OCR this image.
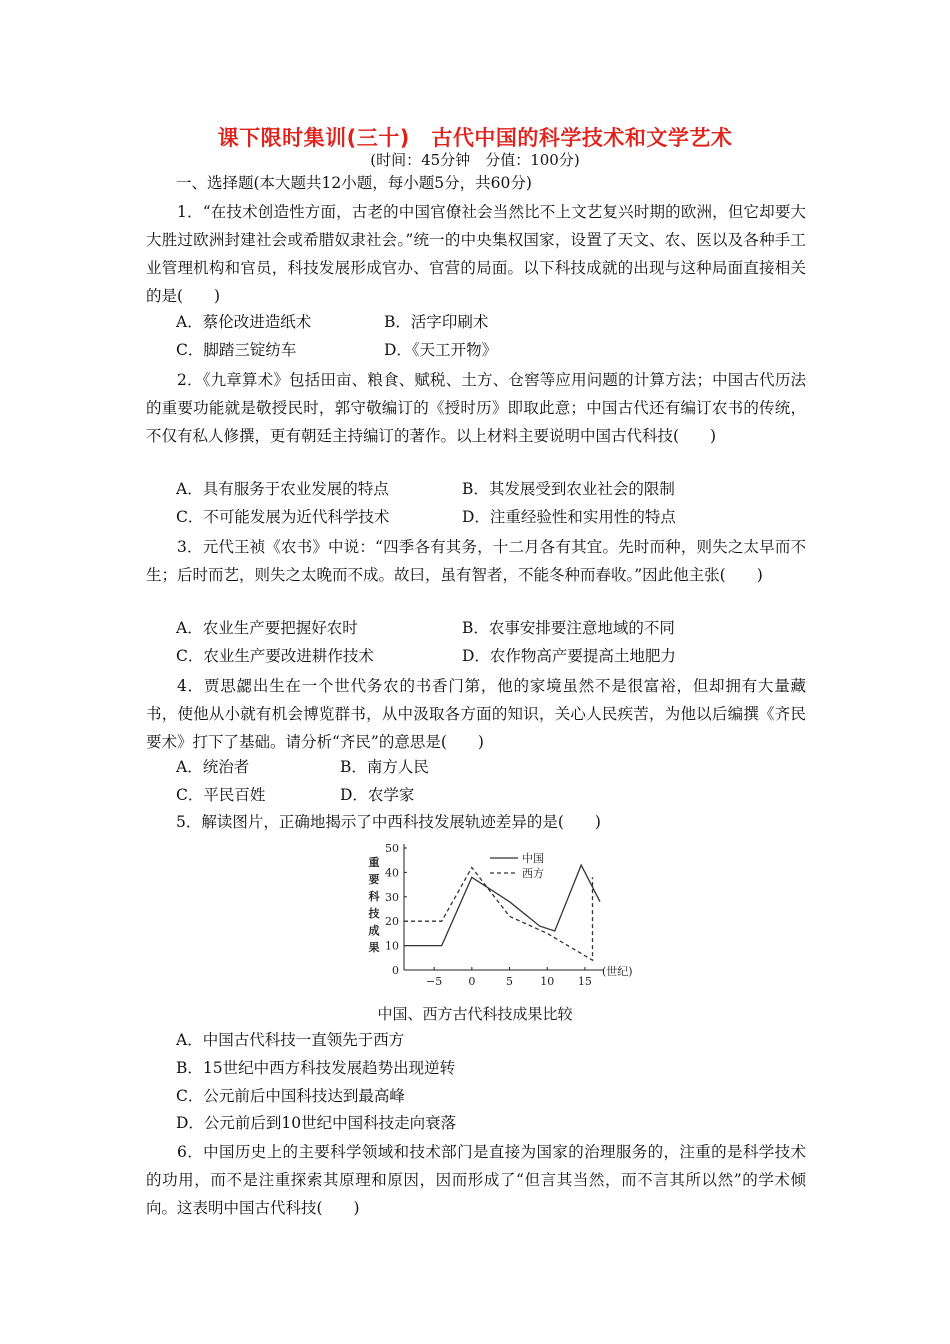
课下限时集训(三十)　古代中国的科学技术和文学艺术
(时间：45分钟　分值：100分)
一、选择题(本大题共12小题，每小题5分，共60分)
1．“在技术创造性方面，古老的中国官僚社会当然比不上文艺复兴时期的欧洲，但它却要大大胜过欧洲封建社会或希腊奴隶社会。”统一的中央集权国家，设置了天文、农、医以及各种手工业管理机构和官员，科技发展形成官办、官营的局面。以下科技成就的出现与这种局面直接相关的是(　　)
A．蔡伦改进造纸术	B．活字印刷术
C．脚踏三锭纺车	D．《天工开物》
2．《九章算术》包括田亩、粮食、赋税、土方、仓窖等应用问题的计算方法；中国古代历法的重要功能就是敬授民时，郭守敬编订的《授时历》即取此意；中国古代还有编订农书的传统，不仅有私人修撰，更有朝廷主持编订的著作。以上材料主要说明中国古代科技(　　)
A．具有服务于农业发展的特点	B．其发展受到农业社会的限制
C．不可能发展为近代科学技术	D．注重经验性和实用性的特点
3．元代王祯《农书》中说：“四季各有其务，十二月各有其宜。先时而种，则失之太早而不生；后时而艺，则失之太晚而不成。故曰，虽有智者，不能冬种而春收。”因此他主张(　　)
A．农业生产要把握好农时	B．农事安排要注意地域的不同
C．农业生产要改进耕作技术	D．农作物高产要提高土地肥力
4．贾思勰出生在一个世代务农的书香门第，他的家境虽然不是很富裕，但却拥有大量藏书，使他从小就有机会博览群书，从中汲取各方面的知识，关心人民疾苦，为他以后编撰《齐民要术》打下了基础。请分析“齐民”的意思是(　　)
A．统治者	B．南方人民
C．平民百姓	D．农学家
5．解读图片，正确地揭示了中西科技发展轨迹差异的是(　　)
重
要
科
技
成
果
0
10
20
30
40
50
−5 0	5 10 15
中国
西方
(世纪)
中国、西方古代科技成果比较
A．中国古代科技一直领先于西方
B．15世纪中西方科技发展趋势出现逆转
C．公元前后中国科技达到最高峰
D．公元前后到10世纪中国科技走向衰落
6．中国历史上的主要科学领域和技术部门是直接为国家的治理服务的，注重的是科学技术的功用，而不是注重探索其原理和原因，因而形成了“但言其当然，而不言其所以然”的学术倾向。这表明中国古代科技(　　)
